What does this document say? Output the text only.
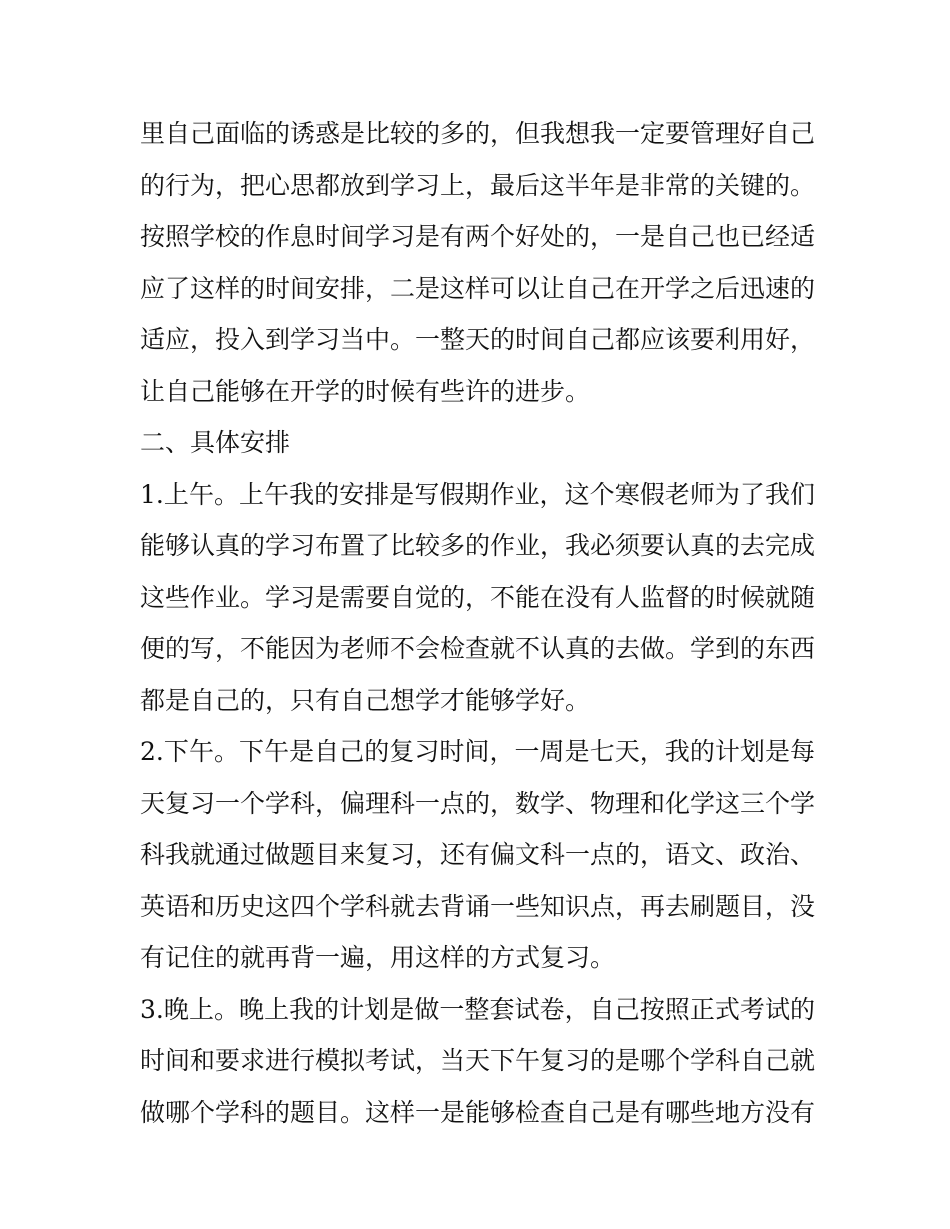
里自己面临的诱惑是比较的多的，但我想我一定要管理好自己
的行为，把心思都放到学习上，最后这半年是非常的关键的。
按照学校的作息时间学习是有两个好处的，一是自己也已经适
应了这样的时间安排，二是这样可以让自己在开学之后迅速的
适应，投入到学习当中。一整天的时间自己都应该要利用好，
让自己能够在开学的时候有些许的进步。
二、具体安排
1.上午。上午我的安排是写假期作业，这个寒假老师为了我们
能够认真的学习布置了比较多的作业，我必须要认真的去完成
这些作业。学习是需要自觉的，不能在没有人监督的时候就随
便的写，不能因为老师不会检查就不认真的去做。学到的东西
都是自己的，只有自己想学才能够学好。
2.下午。下午是自己的复习时间，一周是七天，我的计划是每
天复习一个学科，偏理科一点的，数学、物理和化学这三个学
科我就通过做题目来复习，还有偏文科一点的，语文、政治、
英语和历史这四个学科就去背诵一些知识点，再去刷题目，没
有记住的就再背一遍，用这样的方式复习。
3.晚上。晚上我的计划是做一整套试卷，自己按照正式考试的
时间和要求进行模拟考试，当天下午复习的是哪个学科自己就
做哪个学科的题目。这样一是能够检查自己是有哪些地方没有
